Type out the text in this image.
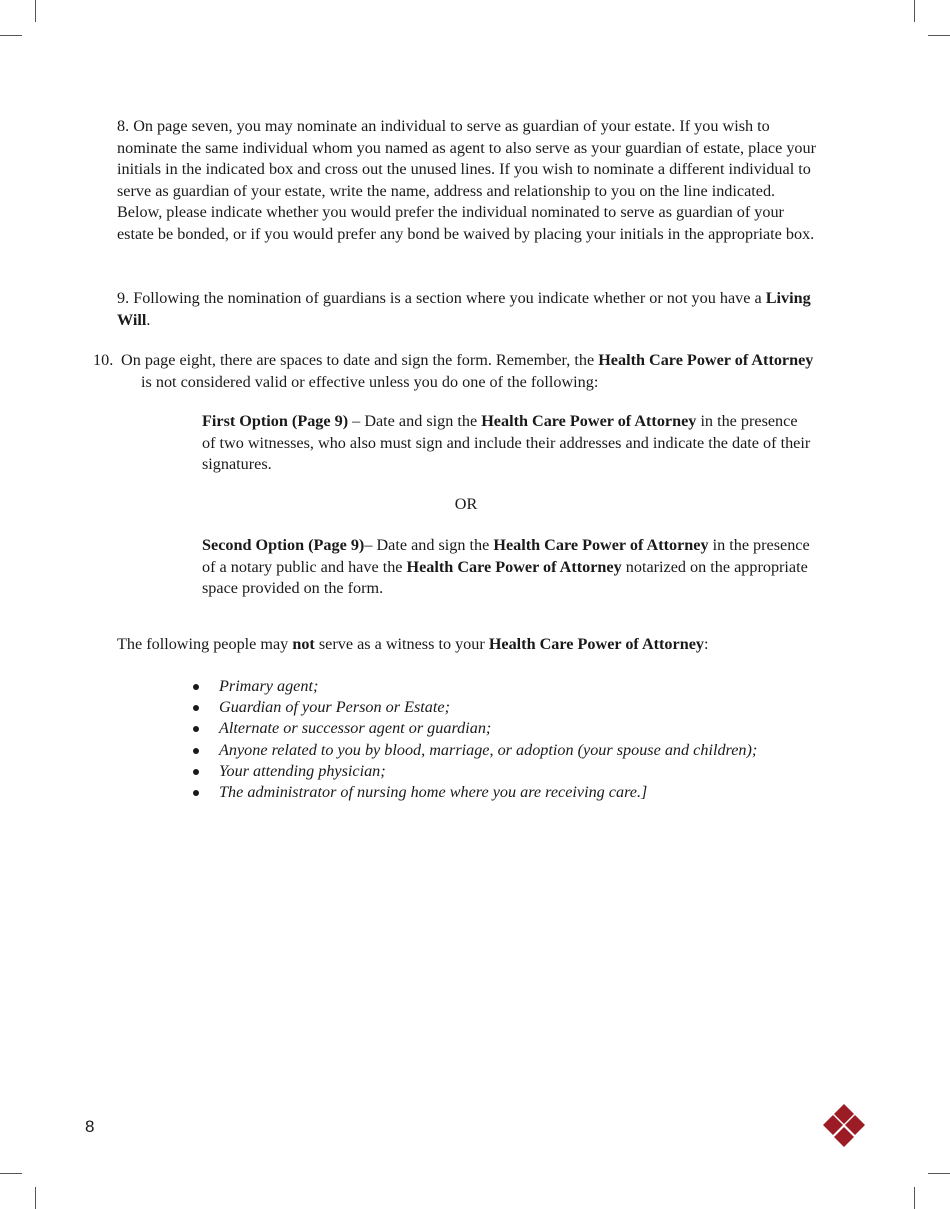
8. On page seven, you may nominate an individual to serve as guardian of your estate. If you wish to nominate the same individual whom you named as agent to also serve as your guardian of estate, place your initials in the indicated box and cross out the unused lines. If you wish to nominate a different individual to serve as guardian of your estate, write the name, address and relationship to you on the line indicated. Below, please indicate whether you would prefer the individual nominated to serve as guardian of your estate be bonded, or if you would prefer any bond be waived by placing your initials in the appropriate box.

9. Following the nomination of guardians is a section where you indicate whether or not you have a Living Will.

10. On page eight, there are spaces to date and sign the form. Remember, the Health Care Power of Attorney is not considered valid or effective unless you do one of the following:

First Option (Page 9) – Date and sign the Health Care Power of Attorney in the presence of two witnesses, who also must sign and include their addresses and indicate the date of their signatures.

OR

Second Option (Page 9)– Date and sign the Health Care Power of Attorney in the presence of a notary public and have the Health Care Power of Attorney notarized on the appropriate space provided on the form.

The following people may not serve as a witness to your Health Care Power of Attorney:

Primary agent;
Guardian of your Person or Estate;
Alternate or successor agent or guardian;
Anyone related to you by blood, marriage, or adoption (your spouse and children);
Your attending physician;
The administrator of nursing home where you are receiving care.]
8
